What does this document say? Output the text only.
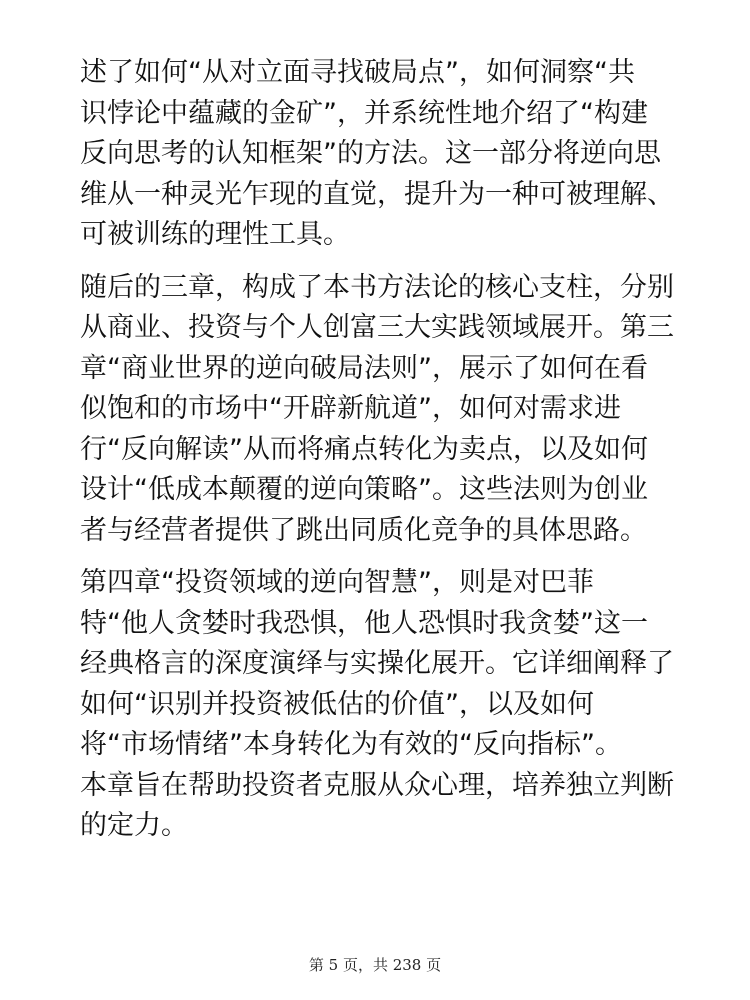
述了如何“从对立面寻找破局点”，如何洞察“共
识悖论中蕴藏的金矿”，并系统性地介绍了“构建
反向思考的认知框架”的方法。这一部分将逆向思
维从一种灵光乍现的直觉，提升为一种可被理解、
可被训练的理性工具。

随后的三章，构成了本书方法论的核心支柱，分别
从商业、投资与个人创富三大实践领域展开。第三
章“商业世界的逆向破局法则”，展示了如何在看
似饱和的市场中“开辟新航道”，如何对需求进
行“反向解读”从而将痛点转化为卖点，以及如何
设计“低成本颠覆的逆向策略”。这些法则为创业
者与经营者提供了跳出同质化竞争的具体思路。

第四章“投资领域的逆向智慧”，则是对巴菲
特“他人贪婪时我恐惧，他人恐惧时我贪婪”这一
经典格言的深度演绎与实操化展开。它详细阐释了
如何“识别并投资被低估的价值”，以及如何
将“市场情绪”本身转化为有效的“反向指标”。
本章旨在帮助投资者克服从众心理，培养独立判断
的定力。

第 5 页，共 238 页
